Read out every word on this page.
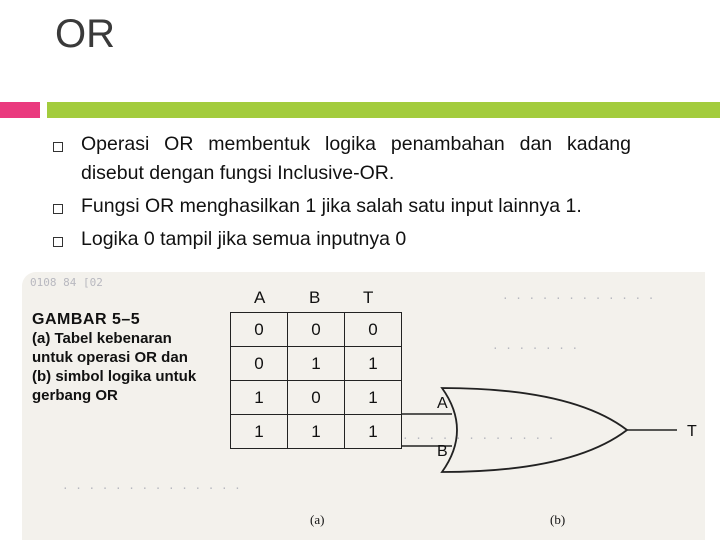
OR
Operasi OR membentuk logika penambahan dan kadang disebut dengan fungsi Inclusive-OR.
Fungsi OR menghasilkan 1 jika salah satu input lainnya 1.
Logika 0 tampil jika semua inputnya 0
0108 84 [02
· · · · · · · · · · · ·
· · · · · · ·
· · · · · · · · · · · · · ·
· · · · · · · · · · · ·
GAMBAR 5–5
(a) Tabel kebenaran
untuk operasi OR dan
(b) simbol logika untuk
gerbang OR
A	B	T
0	0	0
0	1	1
1	0	1
1	1	1
A
B
T
(a)	(b)
